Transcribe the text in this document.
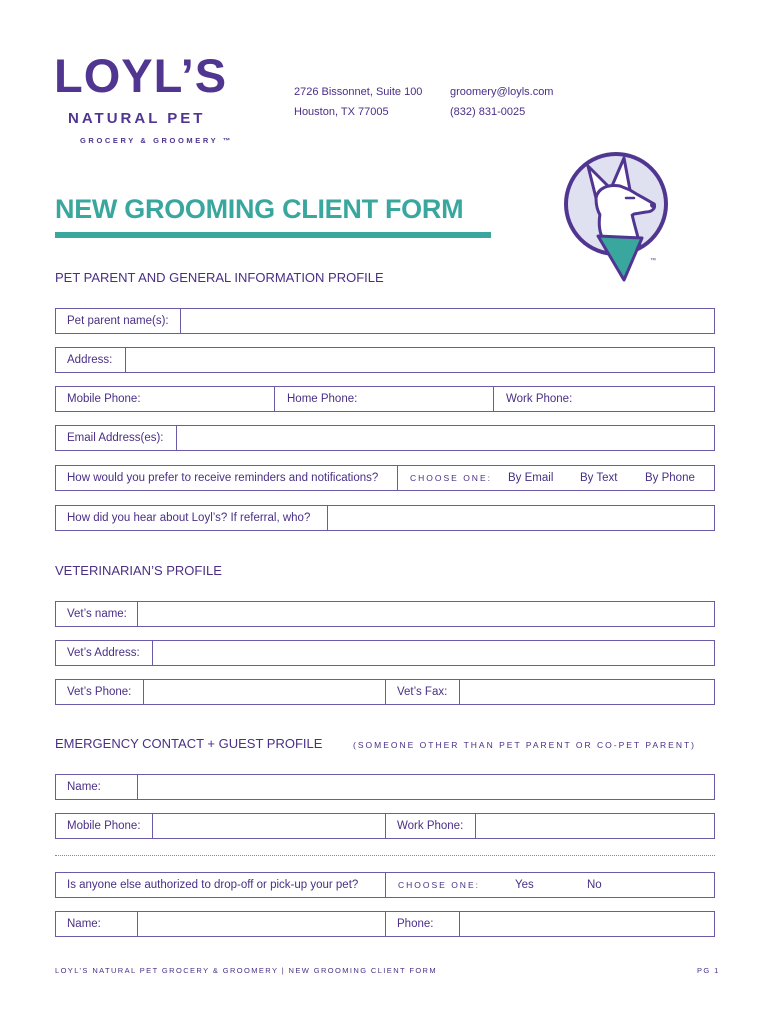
LOYL’S
NATURAL PET
GROCERY & GROOMERY ™
2726 Bissonnet, Suite 100
Houston, TX 77005
groomery@loyls.com
(832) 831-0025
™
NEW GROOMING CLIENT FORM
PET PARENT AND GENERAL INFORMATION PROFILE
Pet parent name(s):
Address:
Mobile Phone:	Home Phone:	Work Phone:
Email Address(es):
How would you prefer to receive reminders and notifications?	CHOOSE ONE:	By Email	By Text	By Phone
How did you hear about Loyl’s? If referral, who?
VETERINARIAN’S PROFILE
Vet’s name:
Vet’s Address:
Vet’s Phone:	Vet’s Fax:
EMERGENCY CONTACT + GUEST PROFILE	(SOMEONE OTHER THAN PET PARENT OR CO-PET PARENT)
Name:
Mobile Phone:	Work Phone:
Is anyone else authorized to drop-off or pick-up your pet?	CHOOSE ONE:	Yes	No
Name:	Phone:
LOYL’S NATURAL PET GROCERY & GROOMERY | NEW GROOMING CLIENT FORM	PG 1
